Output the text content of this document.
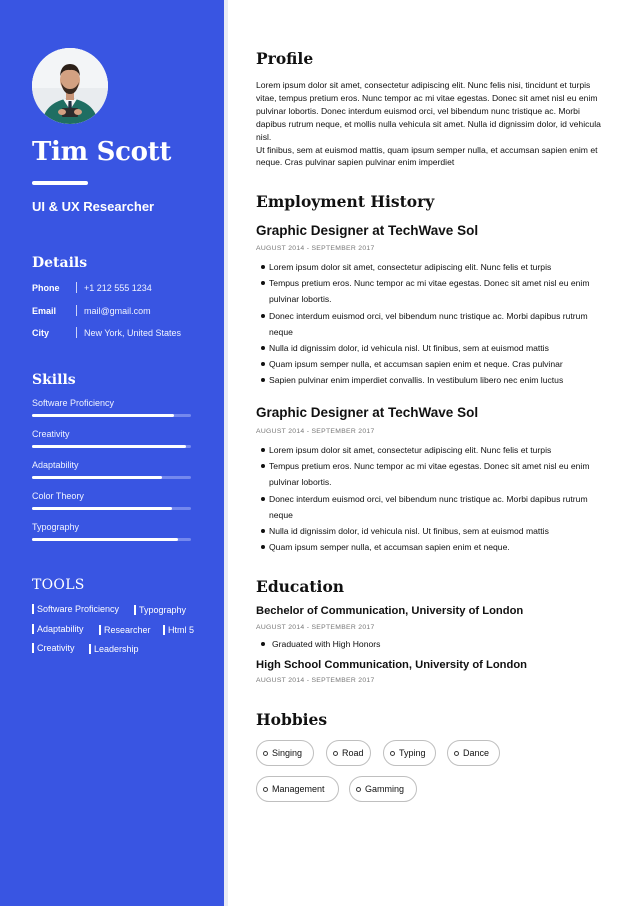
Tim Scott
UI & UX Researcher
Details
Phone	+1 212 555 1234
Email	mail@gmail.com
City	New York, United States
Skills
Software Proficiency
Creativity
Adaptability
Color Theory
Typography
TOOLS
Software Proficiency	Typography
Adaptability	Researcher	Html 5
Creativity	Leadership
Profile

Lorem ipsum dolor sit amet, consectetur adipiscing elit. Nunc felis nisi, tincidunt et turpis vitae, tempus pretium eros. Nunc tempor ac mi vitae egestas. Donec sit amet nisl eu enim pulvinar lobortis. Donec interdum euismod orci, vel bibendum nunc tristique ac. Morbi dapibus rutrum neque, et mollis nulla vehicula sit amet. Nulla id dignissim dolor, id vehicula nisl.

Ut finibus, sem at euismod mattis, quam ipsum semper nulla, et accumsan sapien enim et neque. Cras pulvinar sapien pulvinar enim imperdiet

Employment History
Graphic Designer at TechWave Sol
AUGUST 2014 - SEPTEMBER 2017
Lorem ipsum dolor sit amet, consectetur adipiscing elit. Nunc felis et turpis
Tempus pretium eros. Nunc tempor ac mi vitae egestas. Donec sit amet nisl eu enim pulvinar lobortis.
Donec interdum euismod orci, vel bibendum nunc tristique ac. Morbi dapibus rutrum neque
Nulla id dignissim dolor, id vehicula nisl. Ut finibus, sem at euismod mattis
Quam ipsum semper nulla, et accumsan sapien enim et neque. Cras pulvinar
Sapien pulvinar enim imperdiet convallis. In vestibulum libero nec enim luctus
Graphic Designer at TechWave Sol
AUGUST 2014 - SEPTEMBER 2017
Lorem ipsum dolor sit amet, consectetur adipiscing elit. Nunc felis et turpis
Tempus pretium eros. Nunc tempor ac mi vitae egestas. Donec sit amet nisl eu enim pulvinar lobortis.
Donec interdum euismod orci, vel bibendum nunc tristique ac. Morbi dapibus rutrum neque
Nulla id dignissim dolor, id vehicula nisl. Ut finibus, sem at euismod mattis
Quam ipsum semper nulla, et accumsan sapien enim et neque.
Education
Bechelor of Communication, University of London
AUGUST 2014 - SEPTEMBER 2017
Graduated with High Honors
High School Communication, University of London
AUGUST 2014 - SEPTEMBER 2017
Hobbies
Singing	Road	Typing	Dance
Management	Gamming
